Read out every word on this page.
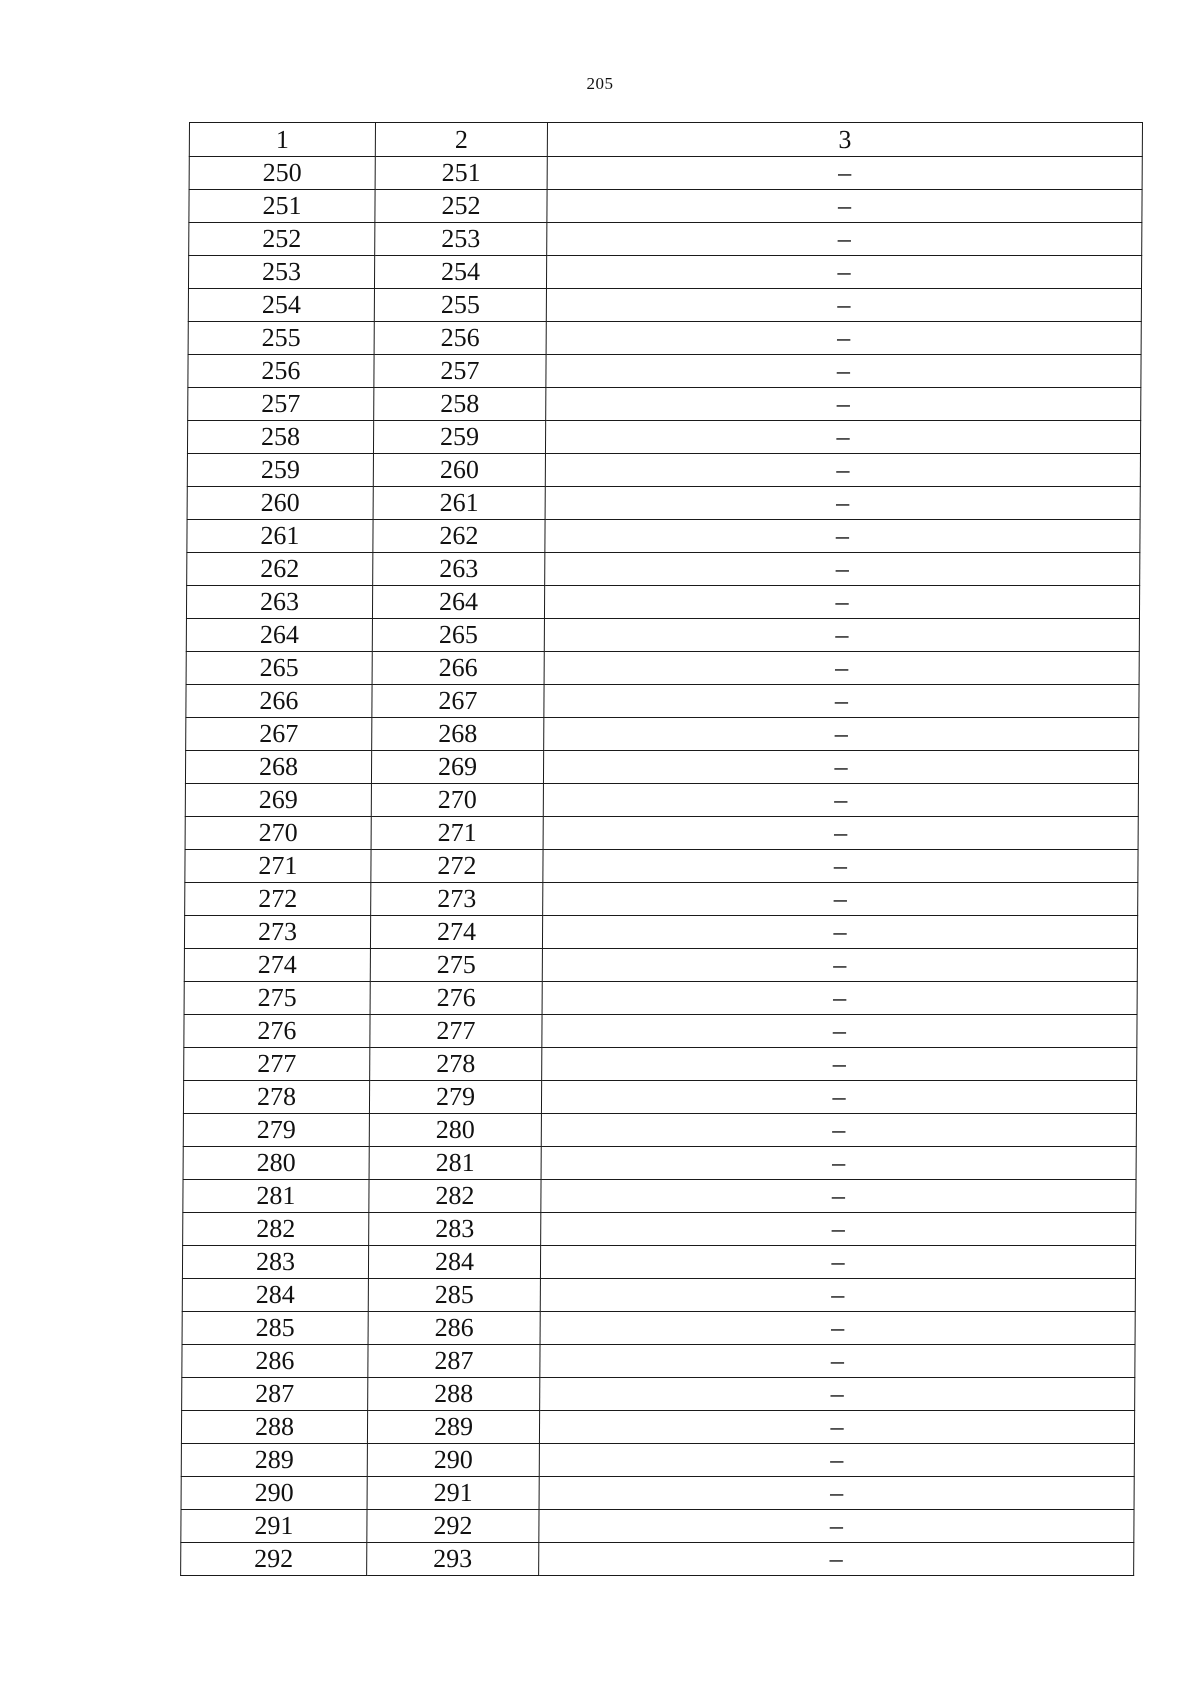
205
1	2	3
250	251	–
251	252	–
252	253	–
253	254	–
254	255	–
255	256	–
256	257	–
257	258	–
258	259	–
259	260	–
260	261	–
261	262	–
262	263	–
263	264	–
264	265	–
265	266	–
266	267	–
267	268	–
268	269	–
269	270	–
270	271	–
271	272	–
272	273	–
273	274	–
274	275	–
275	276	–
276	277	–
277	278	–
278	279	–
279	280	–
280	281	–
281	282	–
282	283	–
283	284	–
284	285	–
285	286	–
286	287	–
287	288	–
288	289	–
289	290	–
290	291	–
291	292	–
292	293	–
